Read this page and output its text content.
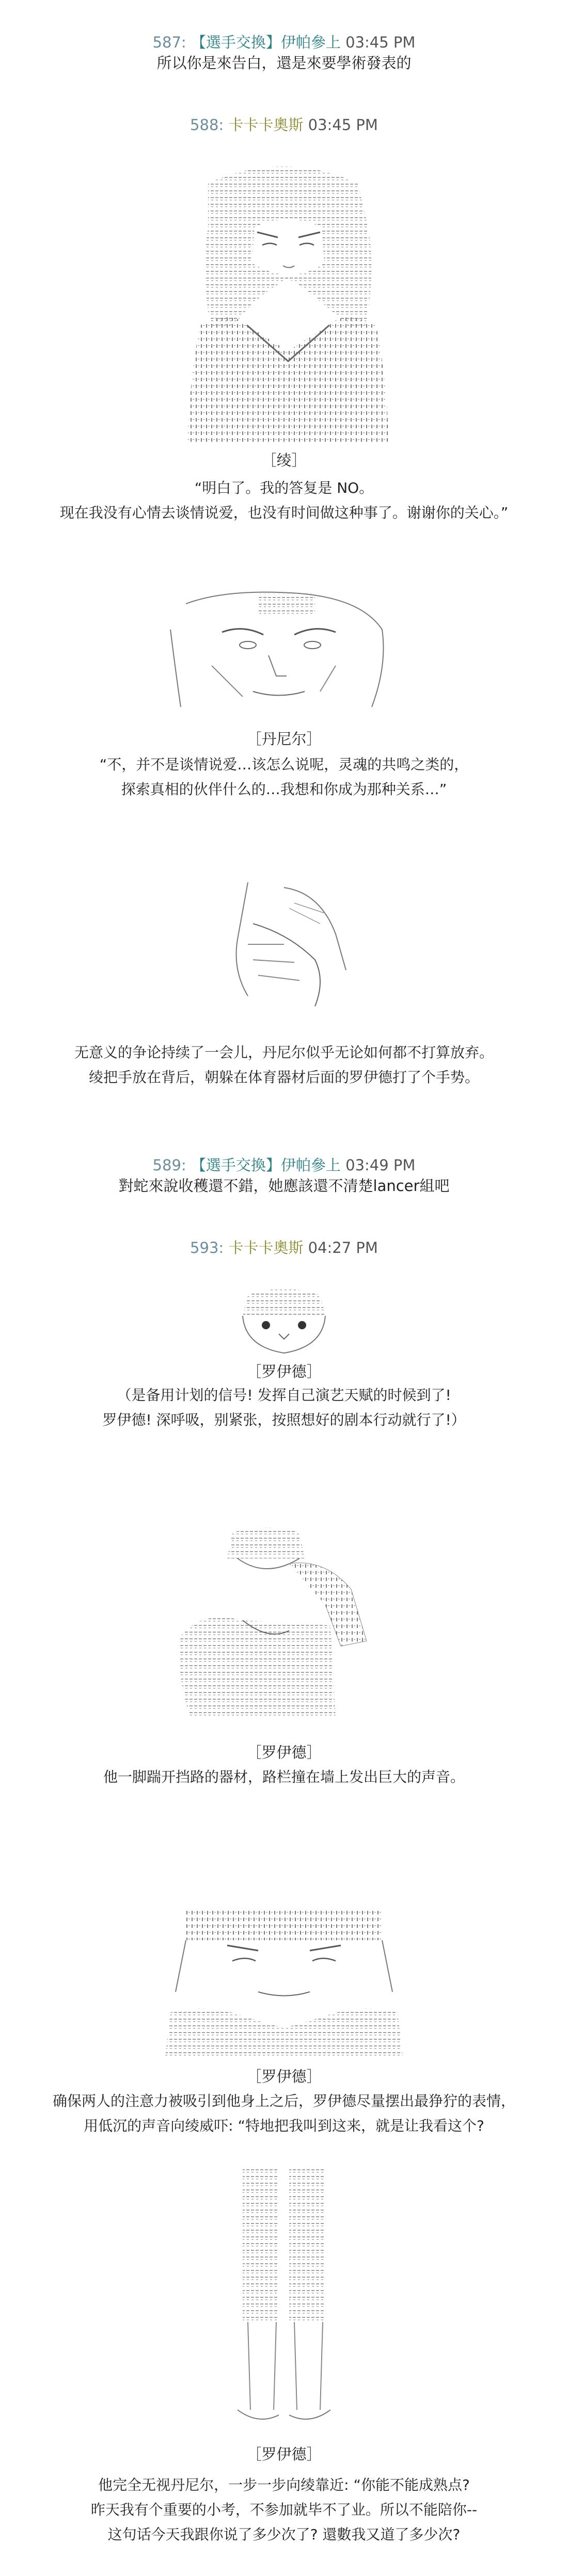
587: 【選手交換】伊帕參上 03:45 PM
所以你是來告白，還是來要學術發表的
588: 卡卡卡奧斯 03:45 PM
［绫］
“明白了。我的答复是 NO。
现在我没有心情去谈情说爱，也没有时间做这种事了。谢谢你的关心。”
［丹尼尔］
“不，并不是谈情说爱…该怎么说呢，灵魂的共鸣之类的，
探索真相的伙伴什么的…我想和你成为那种关系…”
无意义的争论持续了一会儿，丹尼尔似乎无论如何都不打算放弃。
绫把手放在背后，朝躲在体育器材后面的罗伊德打了个手势。
589: 【選手交換】伊帕參上 03:49 PM
對蛇來說收穫還不錯，她應該還不清楚lancer組吧
593: 卡卡卡奧斯 04:27 PM
［罗伊德］
（是备用计划的信号! 发挥自己演艺天赋的时候到了!
罗伊德! 深呼吸，别紧张，按照想好的剧本行动就行了!）
［罗伊德］
他一脚踹开挡路的器材，路栏撞在墙上发出巨大的声音。
［罗伊德］
确保两人的注意力被吸引到他身上之后，罗伊德尽量摆出最狰狞的表情，
用低沉的声音向绫威吓: “特地把我叫到这来，就是让我看这个?
［罗伊德］
他完全无视丹尼尔，一步一步向绫靠近: “你能不能成熟点?
昨天我有个重要的小考，不参加就毕不了业。所以不能陪你--
这句话今天我跟你说了多少次了? 還數我又道了多少次?
